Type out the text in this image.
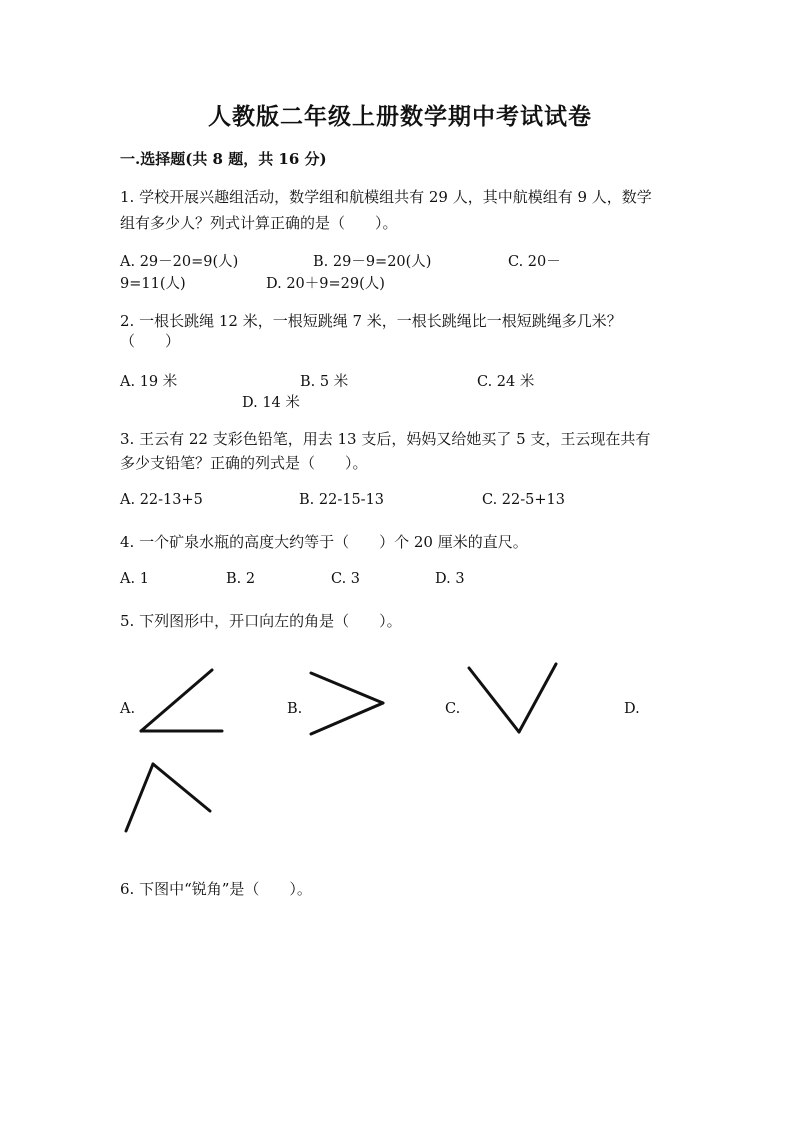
人教版二年级上册数学期中考试试卷
一.选择题(共 8 题，共 16 分)
1. 学校开展兴趣组活动，数学组和航模组共有 29 人，其中航模组有 9 人，数学
组有多少人？列式计算正确的是（　　）。
A. 29－20=9(人)	B. 29－9=20(人)	C. 20－
9=11(人)	D. 20＋9=29(人)
2. 一根长跳绳 12 米，一根短跳绳 7 米，一根长跳绳比一根短跳绳多几米？
（　　）
A. 19 米	B. 5 米	C. 24 米
D. 14 米
3. 王云有 22 支彩色铅笔，用去 13 支后，妈妈又给她买了 5 支，王云现在共有
多少支铅笔？正确的列式是（　　）。
A. 22-13+5	B. 22-15-13	C. 22-5+13
4. 一个矿泉水瓶的高度大约等于（　　）个 20 厘米的直尺。
A. 1	B. 2	C. 3	D. 3
5. 下列图形中，开口向左的角是（　　）。
A.	B.	C.	D.
6. 下图中“锐角”是（　　）。
